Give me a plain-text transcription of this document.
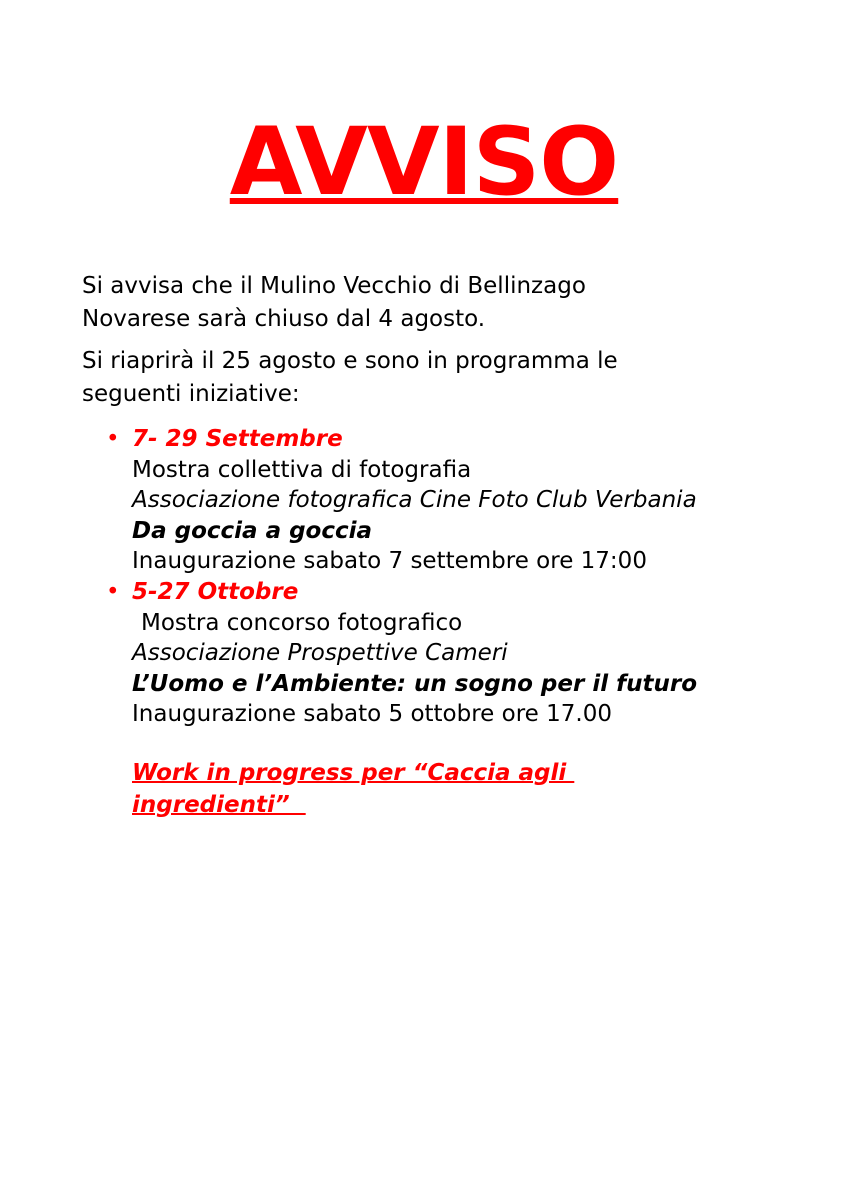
AVVISO
Si avvisa che il Mulino Vecchio di Bellinzago
Novarese sarà chiuso dal 4 agosto.
Si riaprirà il 25 agosto e sono in programma le
seguenti iniziative:
• 7- 29 Settembre
Mostra collettiva di fotografia
Associazione fotografica Cine Foto Club Verbania
Da goccia a goccia
Inaugurazione sabato 7 settembre ore 17:00
• 5-27 Ottobre
Mostra concorso fotografico
Associazione Prospettive Cameri
L’Uomo e l’Ambiente: un sogno per il futuro
Inaugurazione sabato 5 ottobre ore 17.00
Work in progress per “Caccia agli
ingredienti”
